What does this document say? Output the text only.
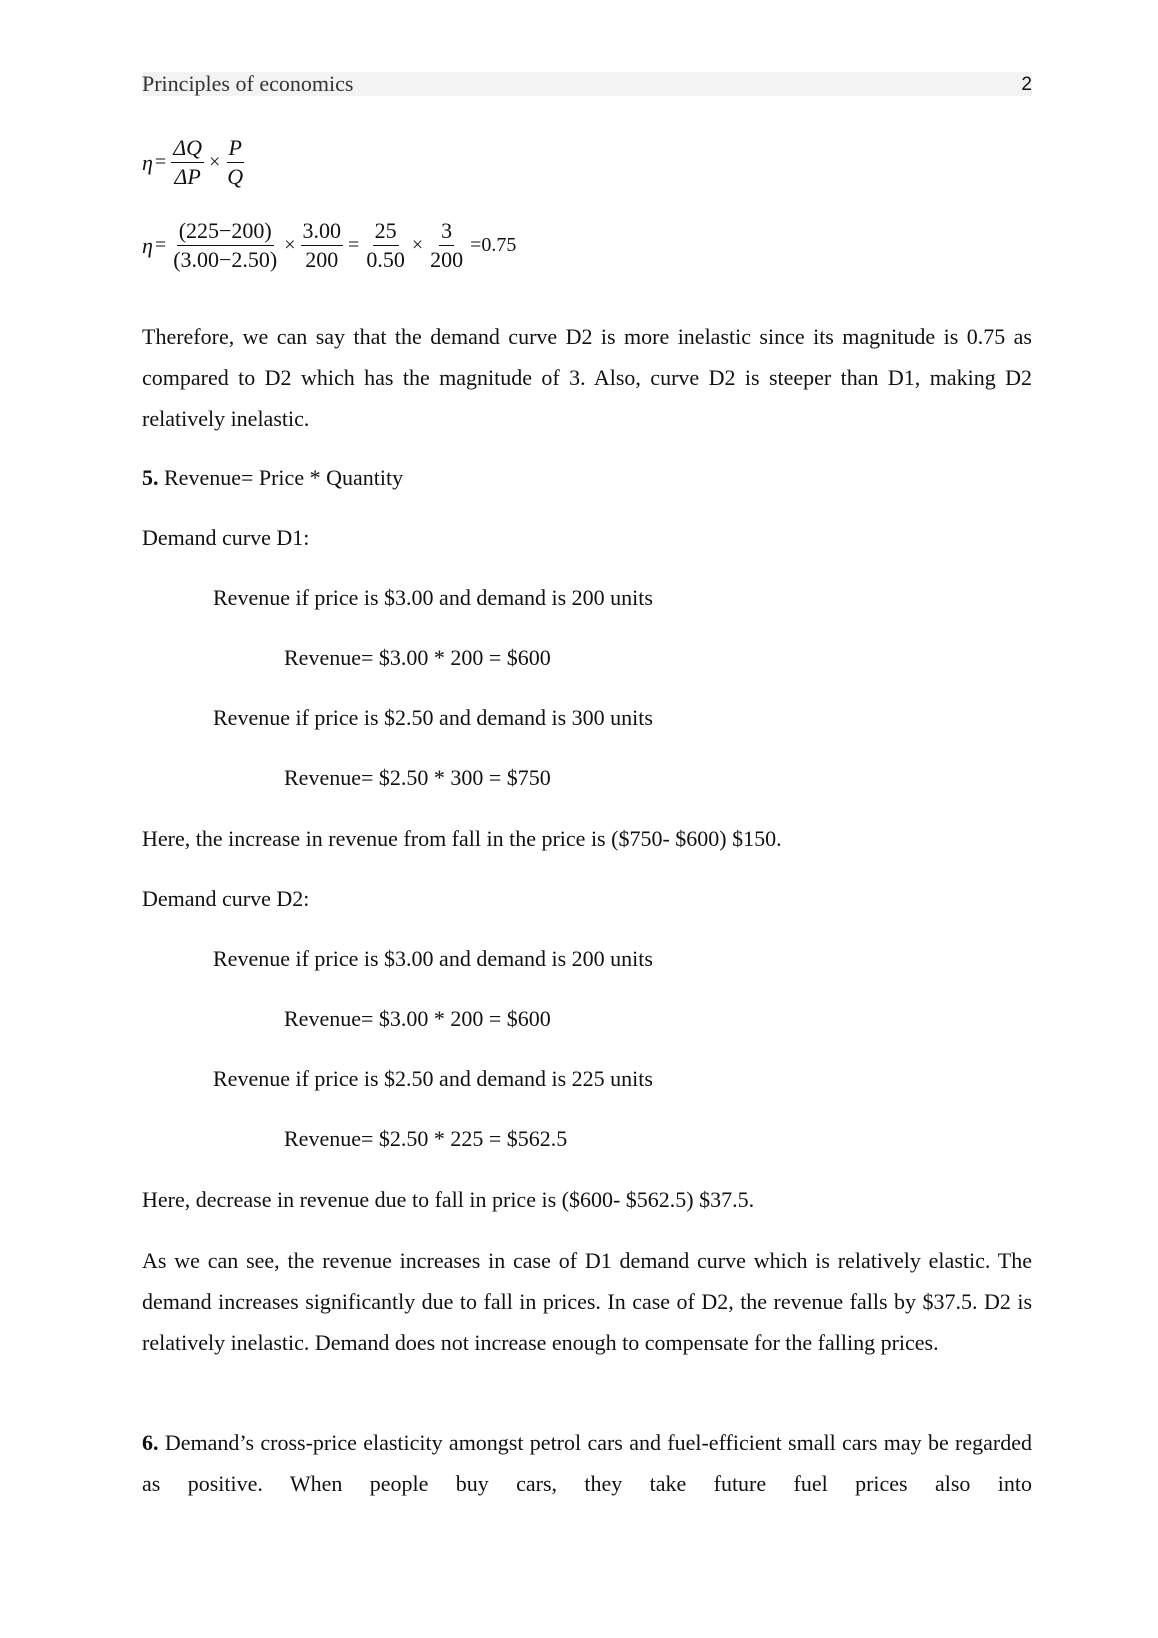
Principles of economics	2
$\eta = \frac{\Delta Q}{\Delta P} \times \frac{P}{Q}$
$\eta = \frac{(225-200)}{(3.00-2.50)} \times \frac{3.00}{200} = \frac{25}{0.50} \times \frac{3}{200} =0.75$

Therefore, we can say that the demand curve D2 is more inelastic since its magnitude is 0.75 as compared to D2 which has the magnitude of 3. Also, curve D2 is steeper than D1, making D2 relatively inelastic.

5. Revenue= Price * Quantity

Demand curve D1:

Revenue if price is $3.00 and demand is 200 units

Revenue= $3.00 * 200 = $600

Revenue if price is $2.50 and demand is 300 units

Revenue= $2.50 * 300 = $750

Here, the increase in revenue from fall in the price is ($750- $600) $150.

Demand curve D2:

Revenue if price is $3.00 and demand is 200 units

Revenue= $3.00 * 200 = $600

Revenue if price is $2.50 and demand is 225 units

Revenue= $2.50 * 225 = $562.5

Here, decrease in revenue due to fall in price is ($600- $562.5) $37.5.

As we can see, the revenue increases in case of D1 demand curve which is relatively elastic. The demand increases significantly due to fall in prices. In case of D2, the revenue falls by $37.5. D2 is relatively inelastic. Demand does not increase enough to compensate for the falling prices.

6. Demand’s cross-price elasticity amongst petrol cars and fuel-efficient small cars may be regarded as positive. When people buy cars, they take future fuel prices also into
